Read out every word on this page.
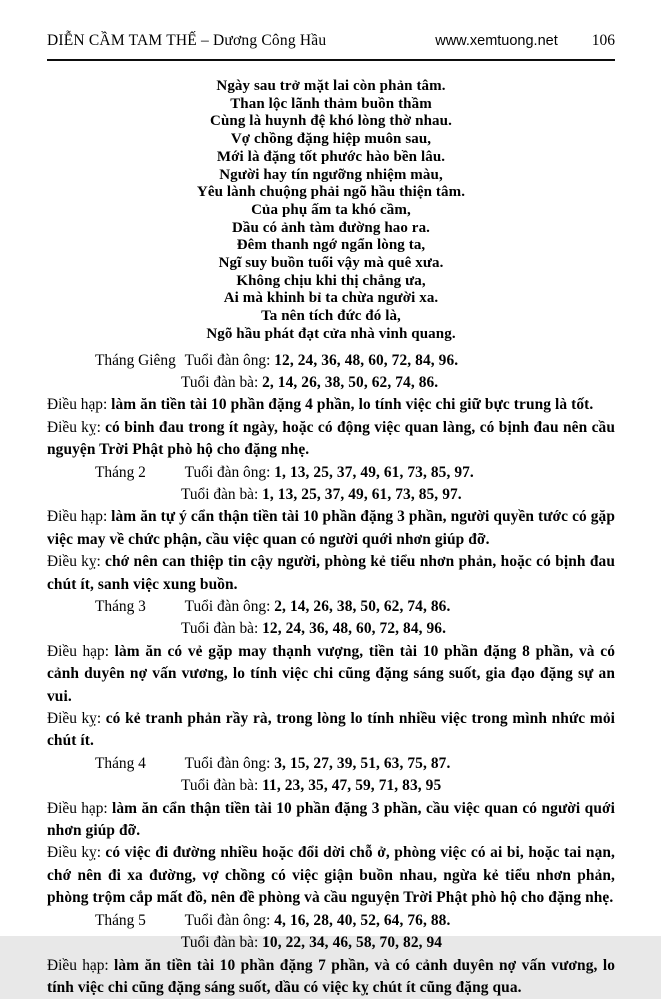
DIỄN CẦM TAM THẾ – Dương Công Hầu	www.xemtuong.net 106
Ngày sau trở mặt lai còn phản tâm.
Than lộc lãnh thảm buồn thầm
Cùng là huynh đệ khó lòng thờ nhau.
Vợ chồng đặng hiệp muôn sau,
Mới là đặng tốt phước hào bền lâu.
Người hay tín ngưỡng nhiệm màu,
Yêu lành chuộng phải ngõ hầu thiện tâm.
Của phụ ấm ta khó cầm,
Dầu có ảnh tàm đường hao ra.
Đêm thanh ngớ ngẩn lòng ta,
Ngĩ suy buồn tuổi vậy mà quê xưa.
Không chịu khi thị chẳng ưa,
Ai mà khinh bỉ ta chừa người xa.
Ta nên tích đức đó là,
Ngõ hầu phát đạt cửa nhà vinh quang.
Tháng Giêng Tuổi đàn ông: 12, 24, 36, 48, 60, 72, 84, 96.
Tuổi đàn bà: 2, 14, 26, 38, 50, 62, 74, 86.

Điều hạp: làm ăn tiền tài 10 phần đặng 4 phần, lo tính việc chi giữ bực trung là tốt.

Điều kỵ: có binh đau trong ít ngày, hoặc có động việc quan làng, có bịnh đau nên cầu nguyện Trời Phật phò hộ cho đặng nhẹ.

Tháng 2	Tuổi đàn ông: 1, 13, 25, 37, 49, 61, 73, 85, 97.
Tuổi đàn bà: 1, 13, 25, 37, 49, 61, 73, 85, 97.

Điều hạp: làm ăn tự ý cẩn thận tiền tài 10 phần đặng 3 phần, người quyền tước có gặp việc may về chức phận, cầu việc quan có người quới nhơn giúp đỡ.

Điều kỵ: chớ nên can thiệp tin cậy người, phòng kẻ tiểu nhơn phản, hoặc có bịnh đau chút ít, sanh việc xung buồn.

Tháng 3	Tuổi đàn ông: 2, 14, 26, 38, 50, 62, 74, 86.
Tuổi đàn bà: 12, 24, 36, 48, 60, 72, 84, 96.

Điều hạp: làm ăn có vẻ gặp may thạnh vượng, tiền tài 10 phần đặng 8 phần, và có cảnh duyên nợ vấn vương, lo tính việc chi cũng đặng sáng suốt, gia đạo đặng sự an vui.

Điều kỵ: có kẻ tranh phản rầy rà, trong lòng lo tính nhiều việc trong mình nhức mỏi chút ít.

Tháng 4	Tuổi đàn ông: 3, 15, 27, 39, 51, 63, 75, 87.
Tuổi đàn bà: 11, 23, 35, 47, 59, 71, 83, 95

Điều hạp: làm ăn cẩn thận tiền tài 10 phần đặng 3 phần, cầu việc quan có người quới nhơn giúp đỡ.

Điều kỵ: có việc đi đường nhiều hoặc đổi dời chỗ ở, phòng việc có ai bi, hoặc tai nạn, chớ nên đi xa đường, vợ chồng có việc giận buồn nhau, ngừa kẻ tiểu nhơn phản, phòng trộm cắp mất đồ, nên đề phòng và cầu nguyện Trời Phật phò hộ cho đặng nhẹ.

Tháng 5	Tuổi đàn ông: 4, 16, 28, 40, 52, 64, 76, 88.
Tuổi đàn bà: 10, 22, 34, 46, 58, 70, 82, 94

Điều hạp: làm ăn tiền tài 10 phần đặng 7 phần, và có cảnh duyên nợ vấn vương, lo tính việc chi cũng đặng sáng suốt, dầu có việc kỵ chút ít cũng đặng qua.
